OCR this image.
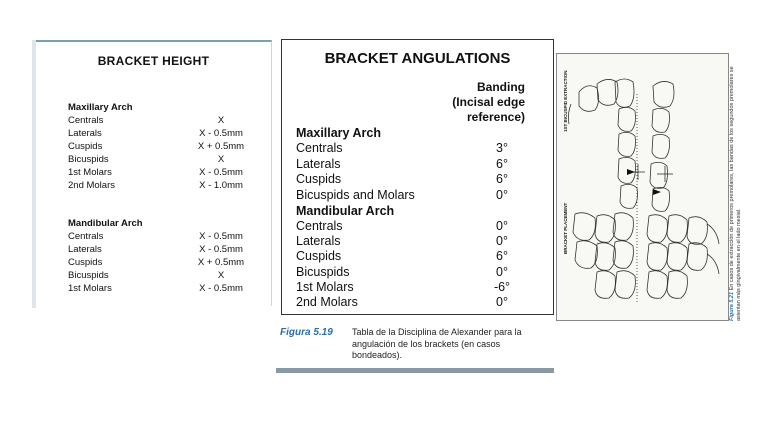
BRACKET HEIGHT
Maxillary Arch
Centrals	X
Laterals	X - 0.5mm
Cuspids	X + 0.5mm
Bicuspids	X
1st Molars	X - 0.5mm
2nd Molars	X - 1.0mm
Mandibular Arch
Centrals	X - 0.5mm
Laterals	X - 0.5mm
Cuspids	X + 0.5mm
Bicuspids	X
1st Molars	X - 0.5mm
BRACKET ANGULATIONS
Banding
(Incisal edge
reference)
Maxillary Arch
Centrals	3°
Laterals	6°
Cuspids	6°
Bicuspids and Molars	0°
Mandibular Arch
Centrals	0°
Laterals	0°
Cuspids	6°
Bicuspids	0°
1st Molars	-6°
2nd Molars	0°
Figura 5.19 Tabla de la Disciplina de Alexander para la angulación de los brackets (en casos bondeados).
1ST BICUSPID EXTRACTION
BRACKET PLACEMENT
Figura 5.21 En casos de extracción de primeros premolares, las bandas de los segundos premolares se asientan más gingivalmente en el lado mesial.
